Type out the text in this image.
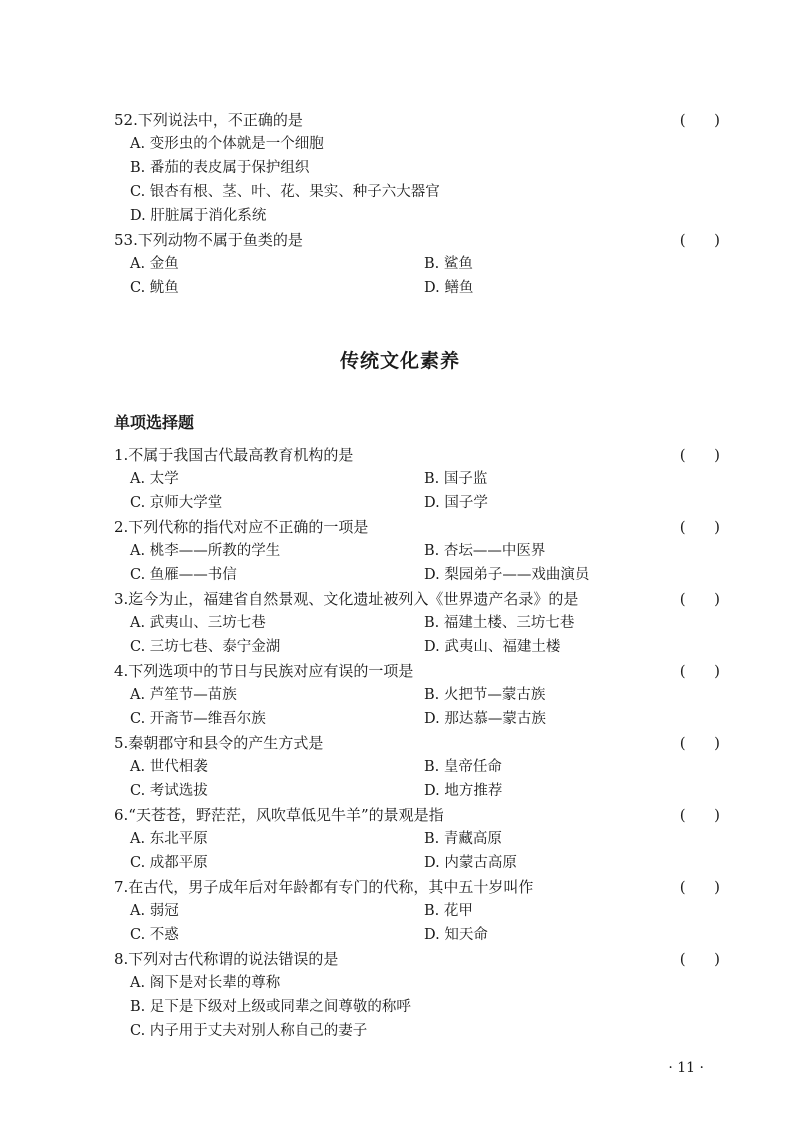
52.下列说法中，不正确的是	(      )
A. 变形虫的个体就是一个细胞
B. 番茄的表皮属于保护组织
C. 银杏有根、茎、叶、花、果实、种子六大器官
D. 肝脏属于消化系统
53.下列动物不属于鱼类的是	(      )
A. 金鱼	B. 鲨鱼
C. 鱿鱼	D. 鳝鱼
传统文化素养
单项选择题
1.不属于我国古代最高教育机构的是	(      )
A. 太学	B. 国子监
C. 京师大学堂	D. 国子学
2.下列代称的指代对应不正确的一项是	(      )
A. 桃李——所教的学生	B. 杏坛——中医界
C. 鱼雁——书信	D. 梨园弟子——戏曲演员
3.迄今为止，福建省自然景观、文化遗址被列入《世界遗产名录》的是	(      )
A. 武夷山、三坊七巷	B. 福建土楼、三坊七巷
C. 三坊七巷、泰宁金湖	D. 武夷山、福建土楼
4.下列选项中的节日与民族对应有误的一项是	(      )
A. 芦笙节—苗族	B. 火把节—蒙古族
C. 开斋节—维吾尔族	D. 那达慕—蒙古族
5.秦朝郡守和县令的产生方式是	(      )
A. 世代相袭	B. 皇帝任命
C. 考试选拔	D. 地方推荐
6.“天苍苍，野茫茫，风吹草低见牛羊”的景观是指	(      )
A. 东北平原	B. 青藏高原
C. 成都平原	D. 内蒙古高原
7.在古代，男子成年后对年龄都有专门的代称，其中五十岁叫作	(      )
A. 弱冠	B. 花甲
C. 不惑	D. 知天命
8.下列对古代称谓的说法错误的是	(      )
A. 阁下是对长辈的尊称
B. 足下是下级对上级或同辈之间尊敬的称呼
C. 内子用于丈夫对别人称自己的妻子
· 11 ·
